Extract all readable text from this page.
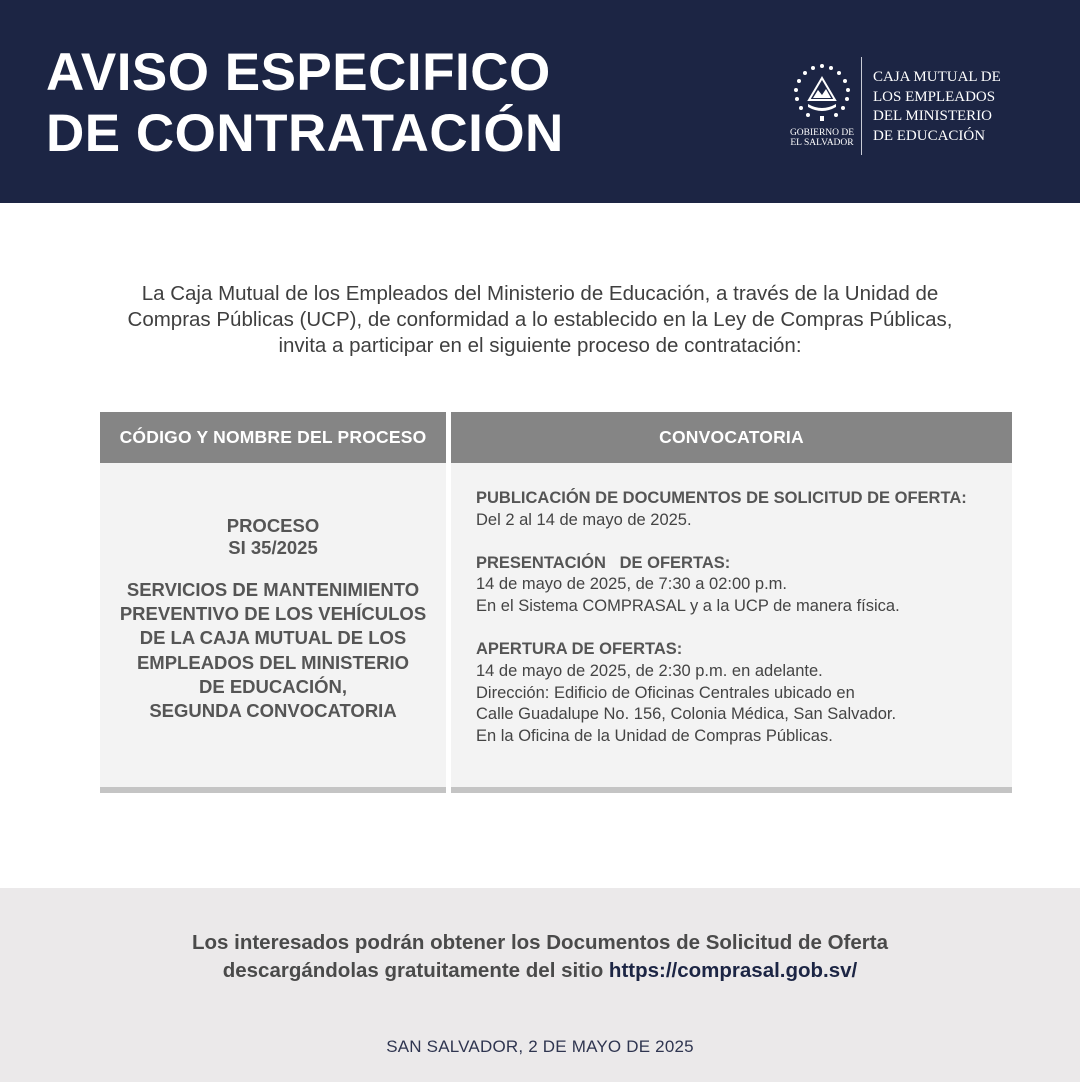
AVISO ESPECIFICO
DE CONTRATACIÓN	GOBIERNO DE
EL SALVADOR
CAJA MUTUAL DE
LOS EMPLEADOS
DEL MINISTERIO
DE EDUCACIÓN
La Caja Mutual de los Empleados del Ministerio de Educación, a través de la Unidad de
Compras Públicas (UCP), de conformidad a lo establecido en la Ley de Compras Públicas,
invita a participar en el siguiente proceso de contratación:
CÓDIGO Y NOMBRE DEL PROCESO	CONVOCATORIA
PROCESO
SI 35/2025
SERVICIOS DE MANTENIMIENTO
PREVENTIVO DE LOS VEHÍCULOS
DE LA CAJA MUTUAL DE LOS
EMPLEADOS DEL MINISTERIO
DE EDUCACIÓN,
SEGUNDA CONVOCATORIA
PUBLICACIÓN DE DOCUMENTOS DE SOLICITUD DE OFERTA:
Del 2 al 14 de mayo de 2025.
PRESENTACIÓN   DE OFERTAS:
14 de mayo de 2025, de 7:30 a 02:00 p.m.
En el Sistema COMPRASAL y a la UCP de manera física.
APERTURA DE OFERTAS:
14 de mayo de 2025, de 2:30 p.m. en adelante.
Dirección: Edificio de Oficinas Centrales ubicado en
Calle Guadalupe No. 156, Colonia Médica, San Salvador.
En la Oficina de la Unidad de Compras Públicas.
Los interesados podrán obtener los Documentos de Solicitud de Oferta
descargándolas gratuitamente del sitio https://comprasal.gob.sv/
SAN SALVADOR, 2 DE MAYO DE 2025
